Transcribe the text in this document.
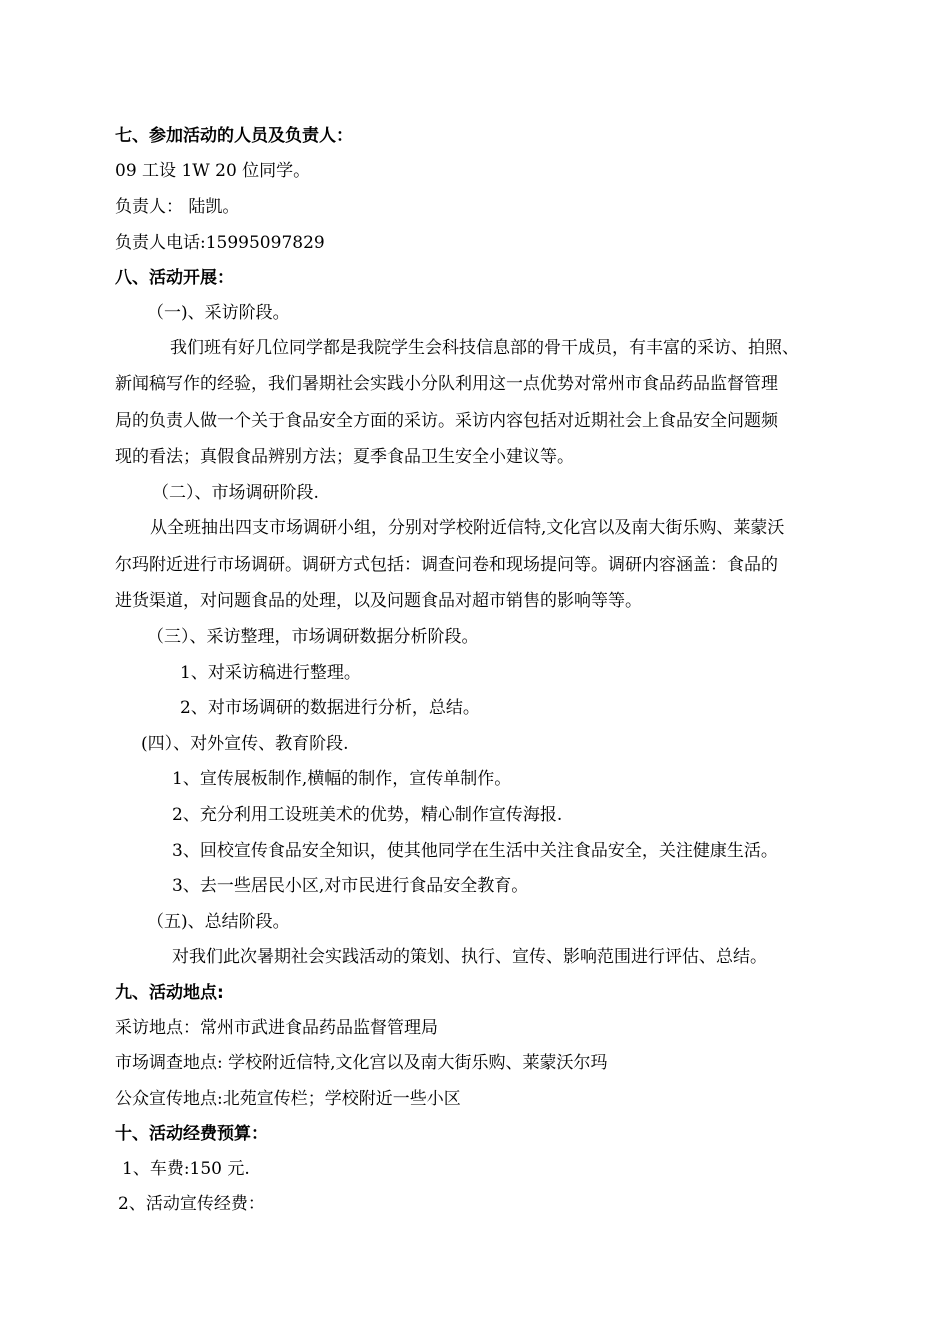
七、参加活动的人员及负责人：
09 工设 1W 20 位同学。
负责人： 陆凯。
负责人电话:15995097829
八、活动开展：
（一)、采访阶段。
我们班有好几位同学都是我院学生会科技信息部的骨干成员，有丰富的采访、拍照、
新闻稿写作的经验，我们暑期社会实践小分队利用这一点优势对常州市食品药品监督管理
局的负责人做一个关于食品安全方面的采访。采访内容包括对近期社会上食品安全问题频
现的看法；真假食品辨别方法；夏季食品卫生安全小建议等。
（二）、市场调研阶段.
从全班抽出四支市场调研小组，分别对学校附近信特,文化宫以及南大街乐购、莱蒙沃
尔玛附近进行市场调研。调研方式包括：调查问卷和现场提问等。调研内容涵盖：食品的
进货渠道，对问题食品的处理，以及问题食品对超市销售的影响等等。
（三）、采访整理，市场调研数据分析阶段。
1、对采访稿进行整理。
2、对市场调研的数据进行分析，总结。
(四）、对外宣传、教育阶段.
1、宣传展板制作,横幅的制作，宣传单制作。
2、充分利用工设班美术的优势，精心制作宣传海报.
3、回校宣传食品安全知识，使其他同学在生活中关注食品安全，关注健康生活。
3、去一些居民小区,对市民进行食品安全教育。
（五)、总结阶段。
对我们此次暑期社会实践活动的策划、执行、宣传、影响范围进行评估、总结。
九、活动地点:
采访地点：常州市武进食品药品监督管理局
市场调查地点: 学校附近信特,文化宫以及南大街乐购、莱蒙沃尔玛
公众宣传地点:北苑宣传栏；学校附近一些小区
十、活动经费预算：
1、车费:150 元.
2、活动宣传经费：
